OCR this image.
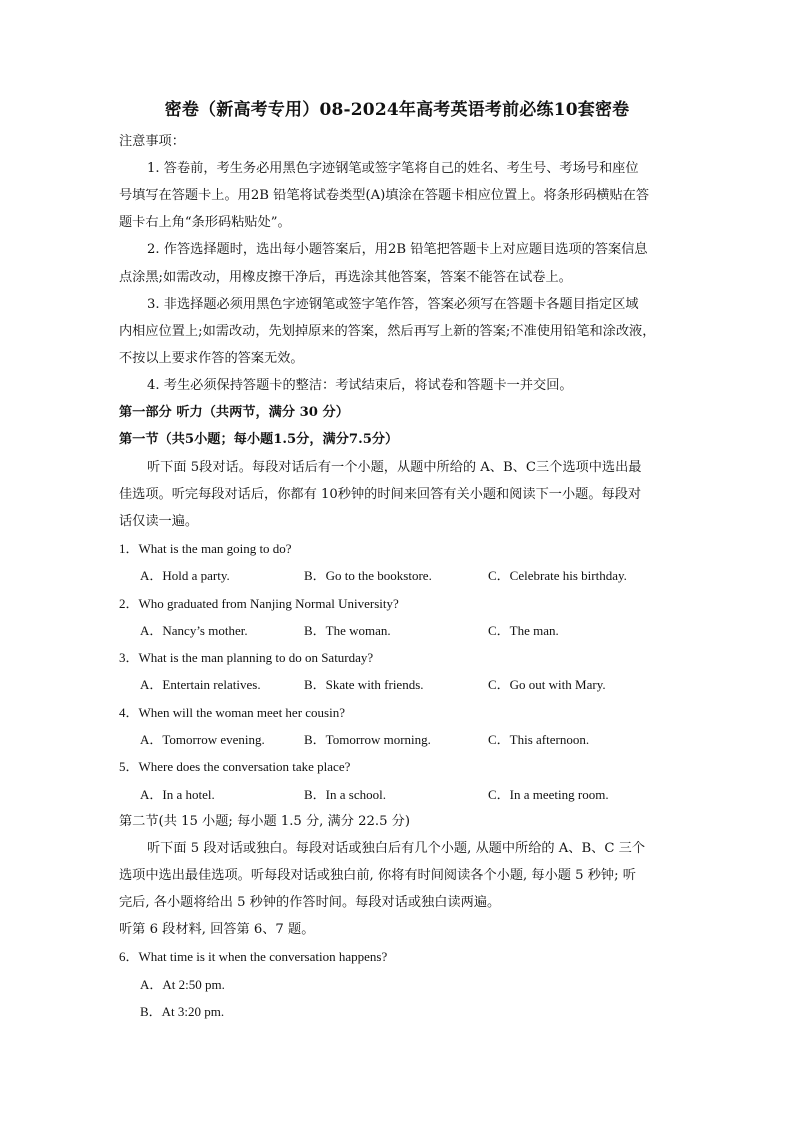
密卷（新高考专用）08-2024年高考英语考前必练10套密卷
注意事项：
1. 答卷前，考生务必用黑色字迹钢笔或签字笔将自己的姓名、考生号、考场号和座位
号填写在答题卡上。用2B 铅笔将试卷类型(A)填涂在答题卡相应位置上。将条形码横贴在答
题卡右上角“条形码粘贴处”。
2. 作答选择题时，选出每小题答案后，用2B 铅笔把答题卡上对应题目选项的答案信息
点涂黑;如需改动，用橡皮擦干净后，再选涂其他答案，答案不能答在试卷上。
3. 非选择题必须用黑色字迹钢笔或签字笔作答，答案必须写在答题卡各题目指定区域
内相应位置上;如需改动，先划掉原来的答案，然后再写上新的答案;不准使用铅笔和涂改液，
不按以上要求作答的答案无效。
4. 考生必须保持答题卡的整洁：考试结束后，将试卷和答题卡一并交回。
第一部分 听力（共两节，满分 30 分）
第一节（共5小题；每小题1.5分，满分7.5分）
听下面 5段对话。每段对话后有一个小题，从题中所给的 A、B、C三个选项中选出最
佳选项。听完每段对话后，你都有 10秒钟的时间来回答有关小题和阅读下一小题。每段对
话仅读一遍。
1．What is the man going to do?
A．Hold a party.	B．Go to the bookstore.	C．Celebrate his birthday.
2．Who graduated from Nanjing Normal University?
A．Nancy’s mother.	B．The woman.	C．The man.
3．What is the man planning to do on Saturday?
A．Entertain relatives.	B．Skate with friends.	C．Go out with Mary.
4．When will the woman meet her cousin?
A．Tomorrow evening.	B．Tomorrow morning.	C．This afternoon.
5．Where does the conversation take place?
A．In a hotel.	B．In a school.	C．In a meeting room.
第二节(共 15 小题; 每小题 1.5 分, 满分 22.5 分)
听下面 5 段对话或独白。每段对话或独白后有几个小题, 从题中所给的 A、B、C 三个
选项中选出最佳选项。听每段对话或独白前, 你将有时间阅读各个小题, 每小题 5 秒钟; 听
完后, 各小题将给出 5 秒钟的作答时间。每段对话或独白读两遍。
听第 6 段材料, 回答第 6、7 题。
6．What time is it when the conversation happens?
A．At 2:50 pm.
B．At 3:20 pm.
